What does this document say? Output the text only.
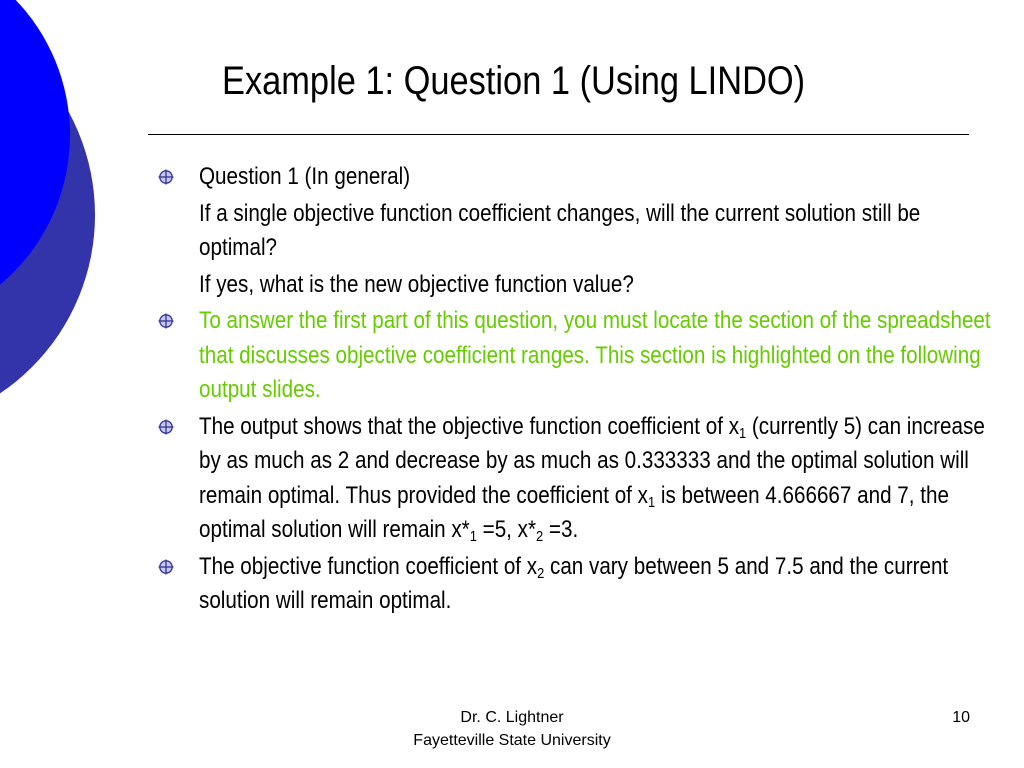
Example 1: Question 1 (Using LINDO)
Question 1 (In general)
If a single objective function coefficient changes, will the current solution still be optimal?
If yes, what is the new objective function value?
To answer the first part of this question, you must locate the section of the spreadsheet that discusses objective coefficient ranges. This section is highlighted on the following output slides.
The output shows that the objective function coefficient of $x_1$ (currently 5) can increase by as much as 2 and decrease by as much as 0.333333 and the optimal solution will remain optimal. Thus provided the coefficient of $x_1$ is between 4.666667 and 7, the optimal solution will remain $x*_1 =5$, $x*_2 =3$.
The objective function coefficient of $x_2$ can vary between 5 and 7.5 and the current solution will remain optimal.
Dr. C. Lightner
Fayetteville State University
10
